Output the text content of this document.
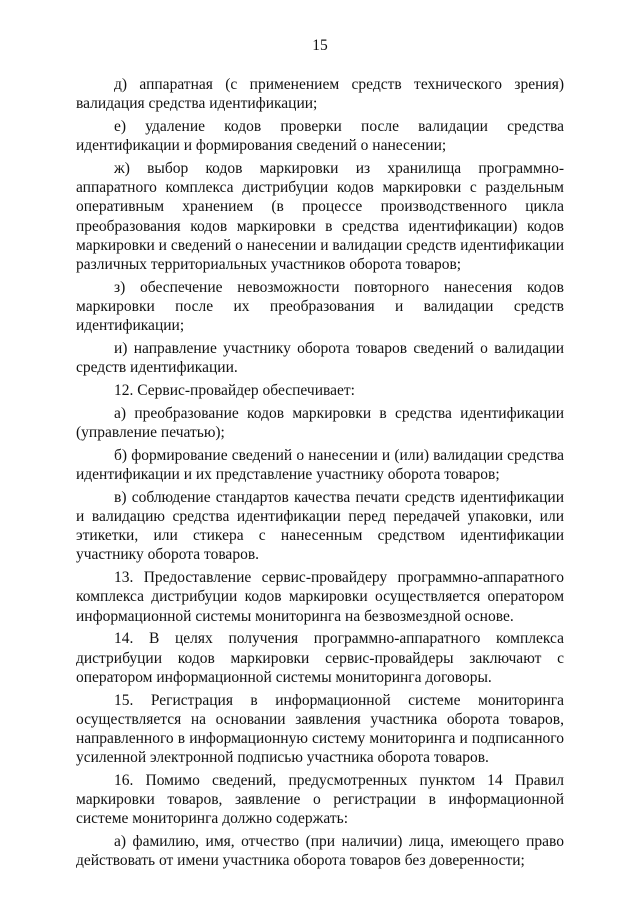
15

д) аппаратная (с применением средств технического зрения) валидация средства идентификации;

е) удаление кодов проверки после валидации средства идентификации и формирования сведений о нанесении;

ж) выбор кодов маркировки из хранилища программно-аппаратного комплекса дистрибуции кодов маркировки с раздельным оперативным хранением (в процессе производственного цикла преобразования кодов маркировки в средства идентификации) кодов маркировки и сведений о нанесении и валидации средств идентификации различных территориальных участников оборота товаров;

з) обеспечение невозможности повторного нанесения кодов маркировки после их преобразования и валидации средств идентификации;

и) направление участнику оборота товаров сведений о валидации средств идентификации.

12. Сервис-провайдер обеспечивает:

а) преобразование кодов маркировки в средства идентификации (управление печатью);

б) формирование сведений о нанесении и (или) валидации средства идентификации и их представление участнику оборота товаров;

в) соблюдение стандартов качества печати средств идентификации и валидацию средства идентификации перед передачей упаковки, или этикетки, или стикера с нанесенным средством идентификации участнику оборота товаров.

13. Предоставление сервис-провайдеру программно-аппаратного комплекса дистрибуции кодов маркировки осуществляется оператором информационной системы мониторинга на безвозмездной основе.

14. В целях получения программно-аппаратного комплекса дистрибуции кодов маркировки сервис-провайдеры заключают с оператором информационной системы мониторинга договоры.

15. Регистрация в информационной системе мониторинга осуществляется на основании заявления участника оборота товаров, направленного в информационную систему мониторинга и подписанного усиленной электронной подписью участника оборота товаров.

16. Помимо сведений, предусмотренных пунктом 14 Правил маркировки товаров, заявление о регистрации в информационной системе мониторинга должно содержать:

а) фамилию, имя, отчество (при наличии) лица, имеющего право действовать от имени участника оборота товаров без доверенности;
